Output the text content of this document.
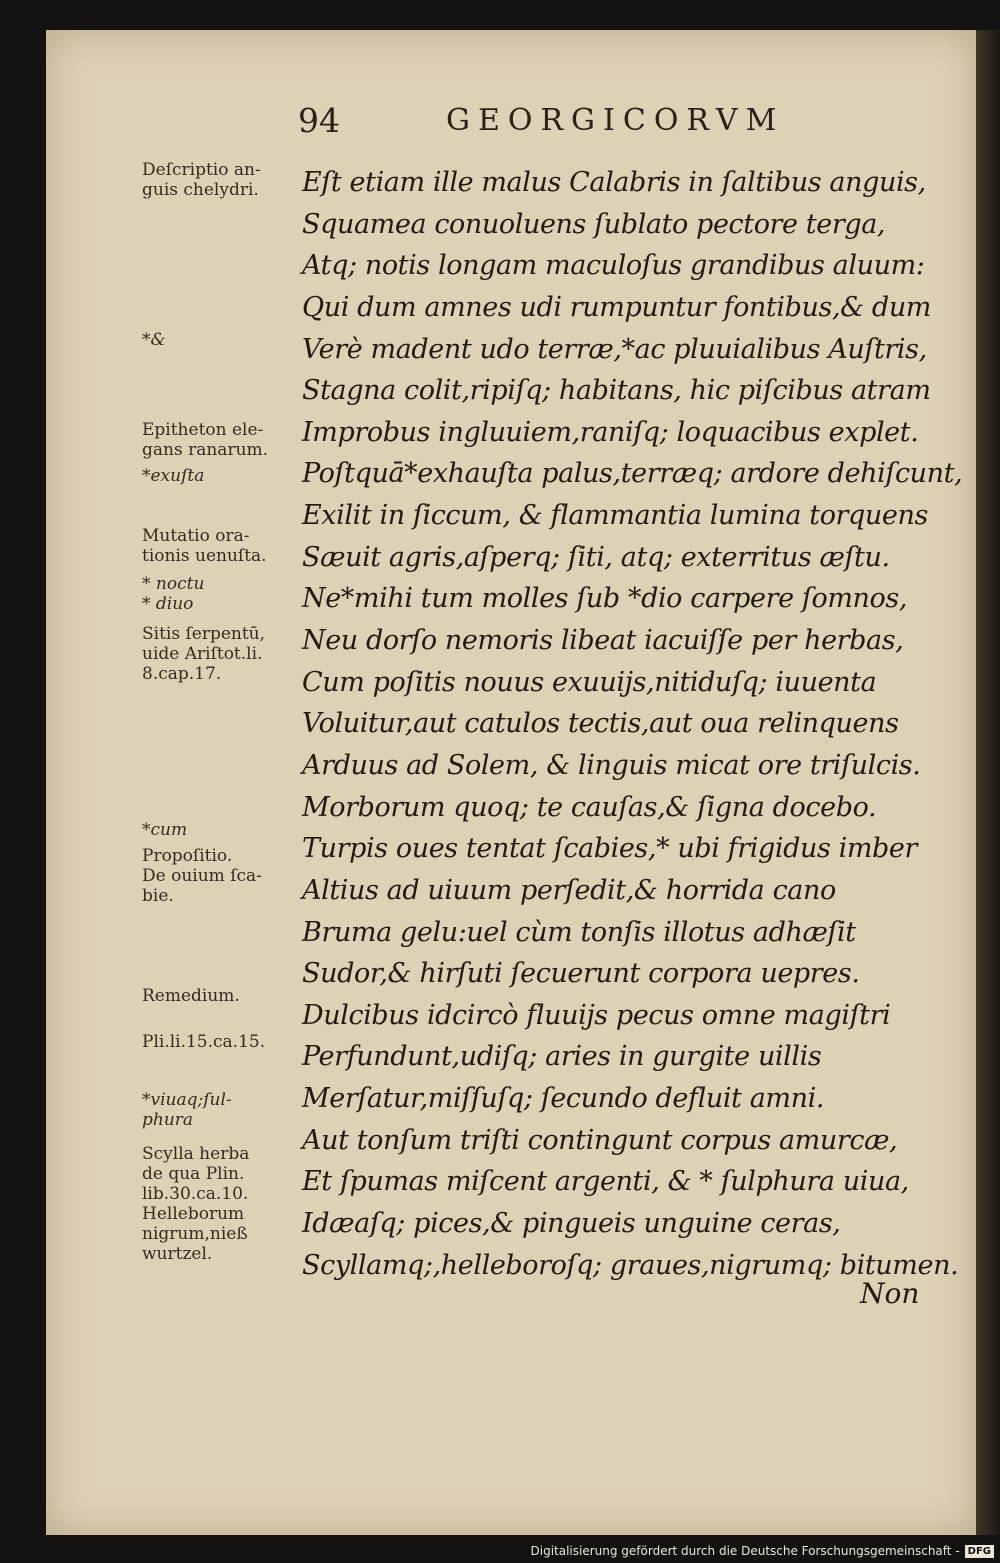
94	GEORGICORVM
Eſt etiam ille malus Calabris in ſaltibus anguis,
Squamea conuoluens ſublato pectore terga,
Atq; notis longam maculoſus grandibus aluum:
Qui dum amnes udi rumpuntur fontibus,& dum
Verè madent udo terræ,*ac pluuialibus Auſtris,
Stagna colit,ripiſq; habitans, hic piſcibus atram
Improbus ingluuiem,raniſq; loquacibus explet.
Poſtquā*exhauſta palus,terræq; ardore dehiſcunt,
Exilit in ſiccum, & flammantia lumina torquens
Sæuit agris,aſperq; ſiti, atq; exterritus æſtu.
Ne*mihi tum molles ſub *dio carpere ſomnos,
Neu dorſo nemoris libeat iacuiſſe per herbas,
Cum poſitis nouus exuuijs,nitiduſq; iuuenta
Voluitur,aut catulos tectis,aut oua relinquens
Arduus ad Solem, & linguis micat ore triſulcis.
Morborum quoq; te cauſas,& ſigna docebo.
Turpis oues tentat ſcabies,* ubi frigidus imber
Altius ad uiuum perſedit,& horrida cano
Bruma gelu:uel cùm tonſis illotus adhæſit
Sudor,& hirſuti ſecuerunt corpora uepres.
Dulcibus idcircò fluuijs pecus omne magiſtri
Perfundunt,udiſq; aries in gurgite uillis
Merſatur,miſſuſq; ſecundo defluit amni.
Aut tonſum triſti contingunt corpus amurcæ,
Et ſpumas miſcent argenti, & * ſulphura uiua,
Idæaſq; pices,& pingueis unguine ceras,
Scyllamq;,helleboroſq; graues,nigrumq; bitumen.
Non
Deſcriptio an-
guis chelydri.
*&
Epitheton ele-
gans ranarum.
*exuſta
Mutatio ora-
tionis uenuſta.
* noctu
* diuo
Sitis ſerpentū,
uide Ariſtot.li.
8.cap.17.
*cum
Propoſitio.
De ouium ſca-
bie.
Remedium.
Pli.li.15.ca.15.
*viuaq;ſul-
phura
Scylla herba
de qua Plin.
lib.30.ca.10.
Helleborum
nigrum,nieß
wurtzel.
Digitalisierung gefördert durch die Deutsche Forschungsgemeinschaft - DFG
